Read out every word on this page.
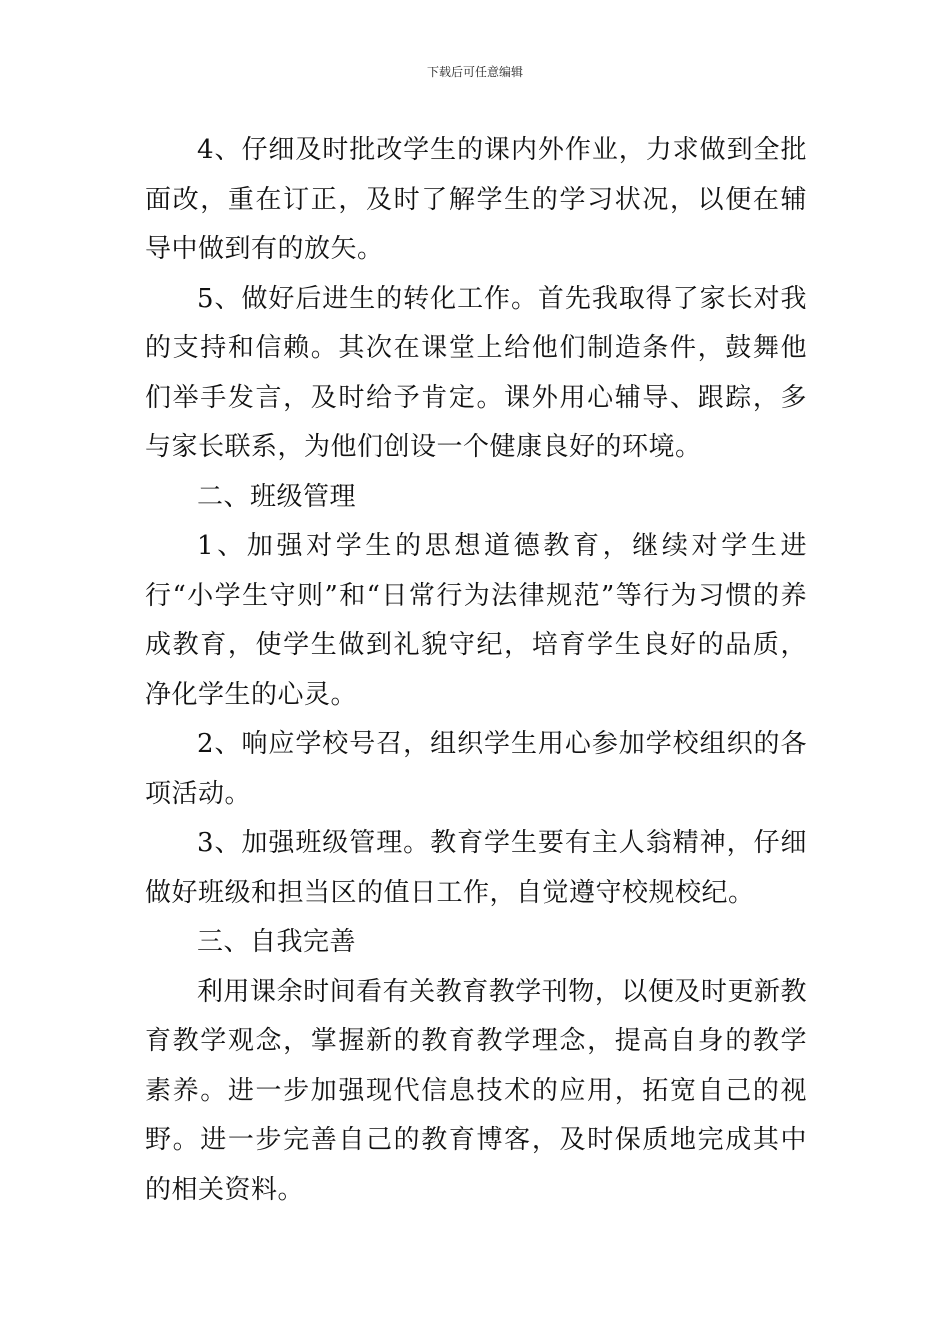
下载后可任意编辑

4、仔细及时批改学生的课内外作业，力求做到全批面改，重在订正，及时了解学生的学习状况，以便在辅导中做到有的放矢。

5、做好后进生的转化工作。首先我取得了家长对我的支持和信赖。其次在课堂上给他们制造条件，鼓舞他们举手发言，及时给予肯定。课外用心辅导、跟踪，多与家长联系，为他们创设一个健康良好的环境。

二、班级管理

1、加强对学生的思想道德教育，继续对学生进行“小学生守则”和“日常行为法律规范”等行为习惯的养成教育，使学生做到礼貌守纪，培育学生良好的品质，净化学生的心灵。

2、响应学校号召，组织学生用心参加学校组织的各项活动。

3、加强班级管理。教育学生要有主人翁精神，仔细做好班级和担当区的值日工作，自觉遵守校规校纪。

三、自我完善

利用课余时间看有关教育教学刊物，以便及时更新教育教学观念，掌握新的教育教学理念，提高自身的教学素养。进一步加强现代信息技术的应用，拓宽自己的视野。进一步完善自己的教育博客，及时保质地完成其中的相关资料。
